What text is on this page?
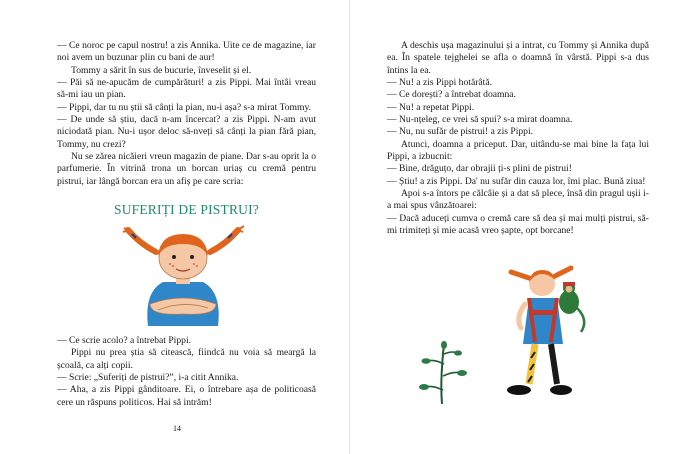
— Ce noroc pe capul nostru! a zis Annika. Uite ce de magazine, iar noi avem un buzunar plin cu bani de aur!

Tommy a sărit în sus de bucurie, înveselit și el.

— Păi să ne-apucăm de cumpărături! a zis Pippi. Mai întâi vreau să-mi iau un pian.

— Pippi, dar tu nu știi să cânți la pian, nu-i așa? s-a mirat Tommy.

— De unde să știu, dacă n-am încercat? a zis Pippi. N-am avut niciodată pian. Nu-i ușor deloc să-nveți să cânți la pian fără pian, Tommy, nu crezi?

Nu se zărea nicăieri vreun magazin de piane. Dar s-au oprit la o parfumerie. În vitrină trona un borcan uriaș cu cremă pentru pistrui, iar lângă borcan era un afiș pe care scria:

SUFERIȚI DE PISTRUI?

— Ce scrie acolo? a întrebat Pippi.

Pippi nu prea știa să citească, fiindcă nu voia să meargă la școală, ca alți copii.

— Scrie: „Suferiți de pistrui?”, i-a citit Annika.

— Aha, a zis Pippi gânditoare. Ei, o întrebare așa de politicoasă cere un răspuns politicos. Hai să intrăm!

14

A deschis ușa magazinului și a intrat, cu Tommy și Annika după ea. În spatele tejghelei se afla o doamnă în vârstă. Pippi s-a dus întins la ea.

— Nu! a zis Pippi hotărâtă.

— Ce dorești? a întrebat doamna.

— Nu! a repetat Pippi.

— Nu-nțeleg, ce vrei să spui? s-a mirat doamna.

— Nu, nu sufăr de pistrui! a zis Pippi.

Atunci, doamna a priceput. Dar, uitându-se mai bine la fața lui Pippi, a izbucnit:

— Bine, drăguțo, dar obrajii ți-s plini de pistrui!

— Știu! a zis Pippi. Da' nu sufăr din cauza lor, îmi plac. Bună ziua!

Apoi s-a întors pe călcâie și a dat să plece, însă din pragul ușii i-a mai spus vânzătoarei:

— Dacă aduceți cumva o cremă care să dea și mai mulți pistrui, să-mi trimiteți și mie acasă vreo șapte, opt borcane!
